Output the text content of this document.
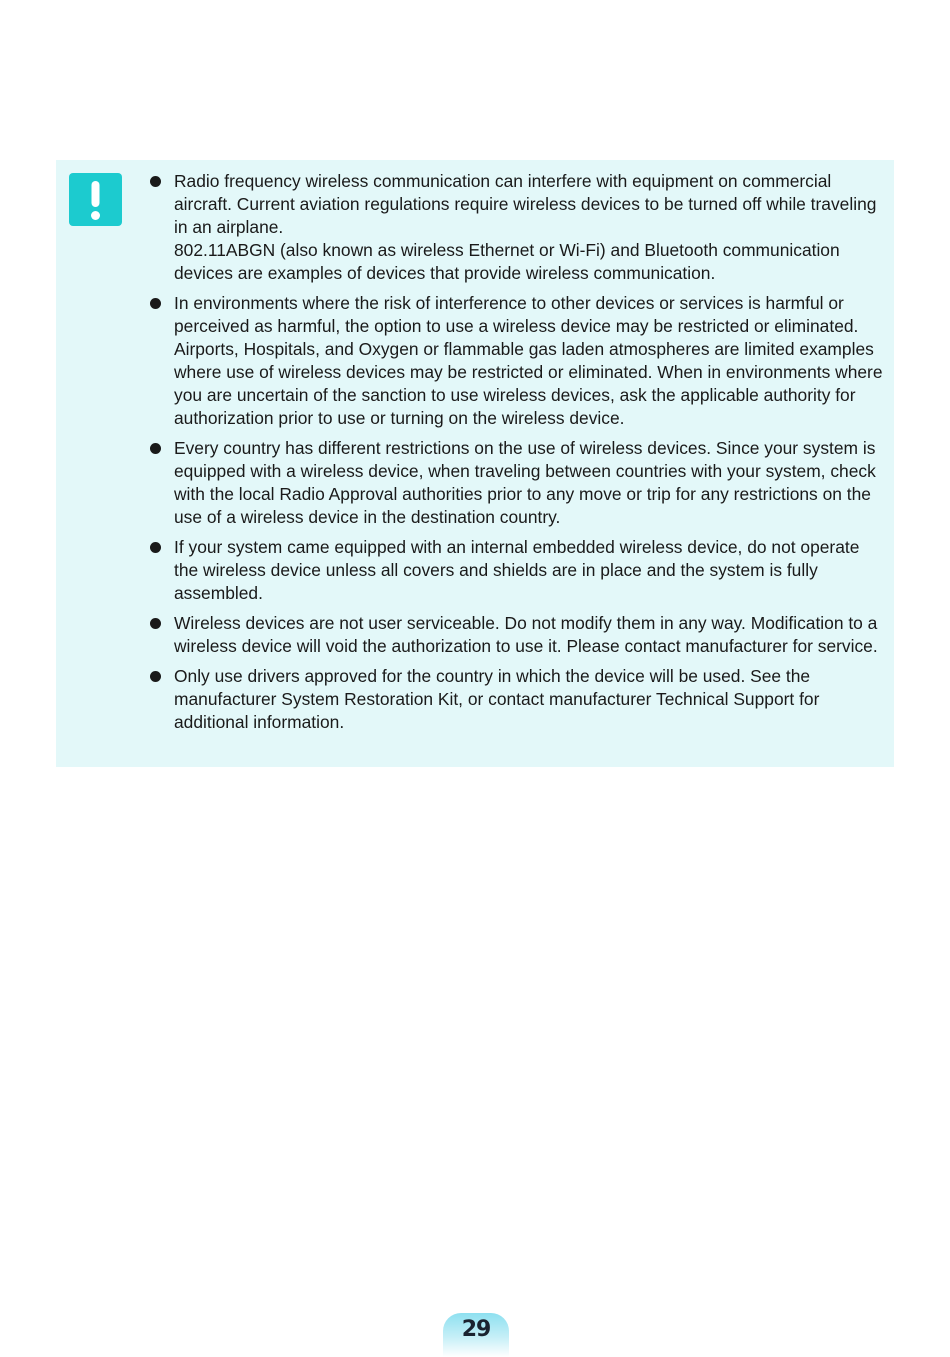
Radio frequency wireless communication can interfere with equipment on commercial aircraft. Current aviation regulations require wireless devices to be turned off while traveling in an airplane.

802.11ABGN (also known as wireless Ethernet or Wi-Fi) and Bluetooth communication devices are examples of devices that provide wireless communication.

In environments where the risk of interference to other devices or services is harmful or perceived as harmful, the option to use a wireless device may be restricted or eliminated. Airports, Hospitals, and Oxygen or flammable gas laden atmospheres are limited examples where use of wireless devices may be restricted or eliminated. When in environments where you are uncertain of the sanction to use wireless devices, ask the applicable authority for authorization prior to use or turning on the wireless device.

Every country has different restrictions on the use of wireless devices. Since your system is equipped with a wireless device, when traveling between countries with your system, check with the local Radio Approval authorities prior to any move or trip for any restrictions on the use of a wireless device in the destination country.

If your system came equipped with an internal embedded wireless device, do not operate the wireless device unless all covers and shields are in place and the system is fully assembled.

Wireless devices are not user serviceable. Do not modify them in any way. Modification to a wireless device will void the authorization to use it. Please contact manufacturer for service.

Only use drivers approved for the country in which the device will be used. See the manufacturer System Restoration Kit, or contact manufacturer Technical Support for additional information.

29
